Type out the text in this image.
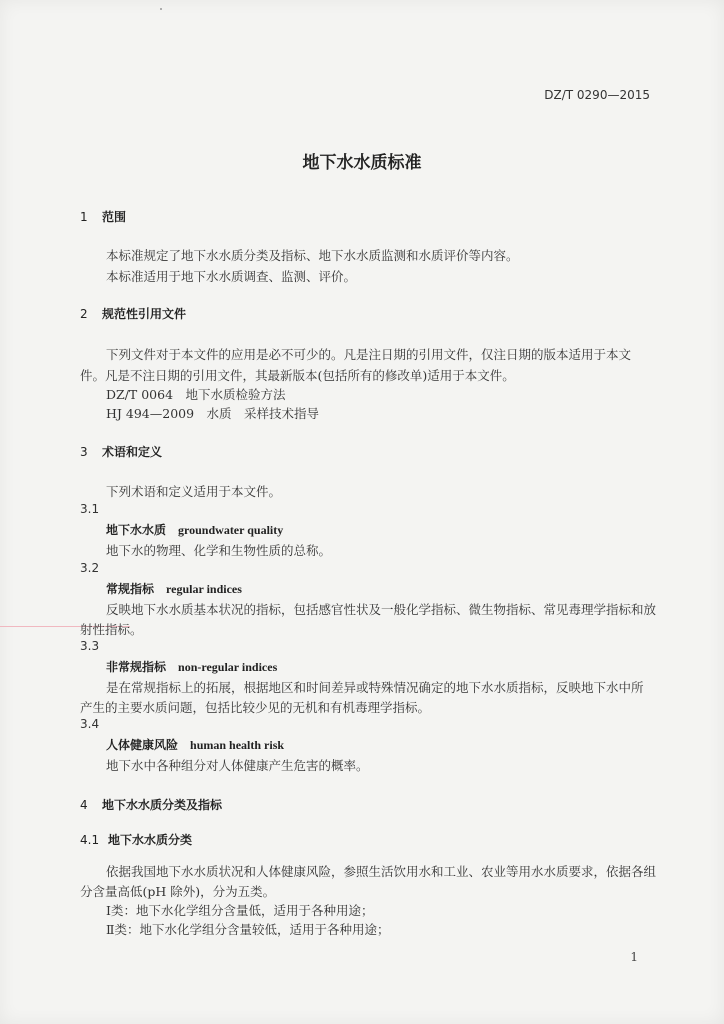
DZ/T 0290—2015
地下水水质标准
1 范围
本标准规定了地下水水质分类及指标、地下水水质监测和水质评价等内容。
本标准适用于地下水水质调查、监测、评价。
2 规范性引用文件
下列文件对于本文件的应用是必不可少的。凡是注日期的引用文件，仅注日期的版本适用于本文
件。凡是不注日期的引用文件，其最新版本(包括所有的修改单)适用于本文件。
DZ/T 0064　地下水质检验方法
HJ 494—2009　水质　采样技术指导
3 术语和定义
下列术语和定义适用于本文件。
3.1
地下水水质 groundwater quality
地下水的物理、化学和生物性质的总称。
3.2
常规指标 regular indices
反映地下水水质基本状况的指标，包括感官性状及一般化学指标、微生物指标、常见毒理学指标和放
射性指标。
3.3
非常规指标 non-regular indices
是在常规指标上的拓展，根据地区和时间差异或特殊情况确定的地下水水质指标，反映地下水中所
产生的主要水质问题，包括比较少见的无机和有机毒理学指标。
3.4
人体健康风险 human health risk
地下水中各种组分对人体健康产生危害的概率。
4 地下水水质分类及指标
4.1 地下水水质分类
依据我国地下水水质状况和人体健康风险，参照生活饮用水和工业、农业等用水水质要求，依据各组
分含量高低(pH 除外)，分为五类。
Ⅰ类：地下水化学组分含量低，适用于各种用途；
Ⅱ类：地下水化学组分含量较低，适用于各种用途；
1
